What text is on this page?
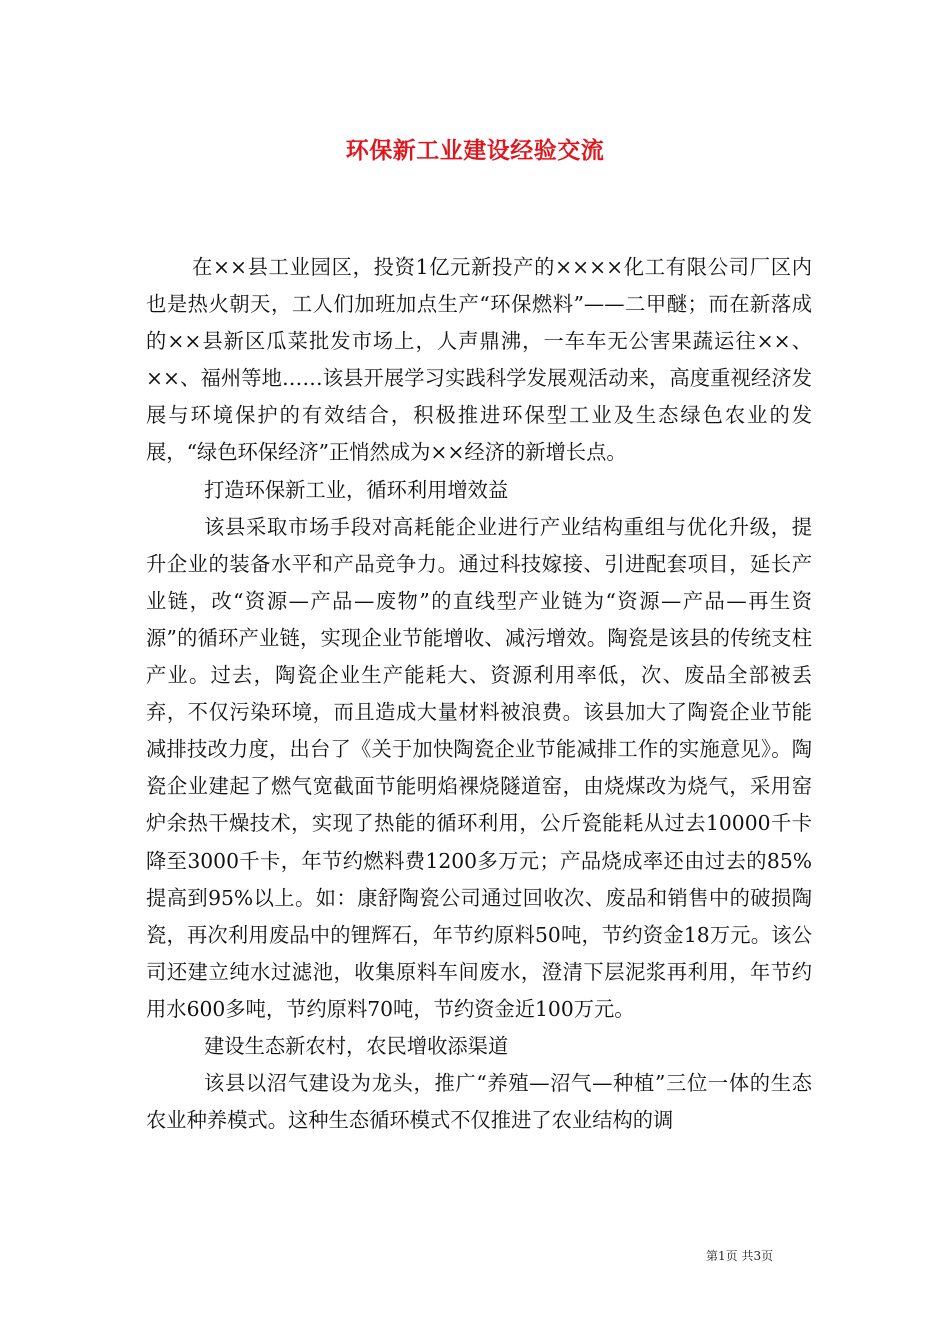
环保新工业建设经验交流

在××县工业园区，投资1亿元新投产的××××化工有限公司厂区内也是热火朝天，工人们加班加点生产“环保燃料”——二甲醚；而在新落成的××县新区瓜菜批发市场上，人声鼎沸，一车车无公害果蔬运往××、××、福州等地……该县开展学习实践科学发展观活动来，高度重视经济发展与环境保护的有效结合，积极推进环保型工业及生态绿色农业的发展，“绿色环保经济”正悄然成为××经济的新增长点。

打造环保新工业，循环利用增效益

该县采取市场手段对高耗能企业进行产业结构重组与优化升级，提升企业的装备水平和产品竞争力。通过科技嫁接、引进配套项目，延长产业链，改“资源—产品—废物”的直线型产业链为“资源—产品—再生资源”的循环产业链，实现企业节能增收、减污增效。陶瓷是该县的传统支柱产业。过去，陶瓷企业生产能耗大、资源利用率低，次、废品全部被丢弃，不仅污染环境，而且造成大量材料被浪费。该县加大了陶瓷企业节能减排技改力度，出台了《关于加快陶瓷企业节能减排工作的实施意见》。陶瓷企业建起了燃气宽截面节能明焰裸烧隧道窑，由烧煤改为烧气，采用窑炉余热干燥技术，实现了热能的循环利用，公斤瓷能耗从过去10000千卡降至3000千卡，年节约燃料费1200多万元；产品烧成率还由过去的85%提高到95%以上。如：康舒陶瓷公司通过回收次、废品和销售中的破损陶瓷，再次利用废品中的锂辉石，年节约原料50吨，节约资金18万元。该公司还建立纯水过滤池，收集原料车间废水，澄清下层泥浆再利用，年节约用水600多吨，节约原料70吨，节约资金近100万元。

建设生态新农村，农民增收添渠道

该县以沼气建设为龙头，推广“养殖—沼气—种植”三位一体的生态农业种养模式。这种生态循环模式不仅推进了农业结构的调

第1页 共3页
